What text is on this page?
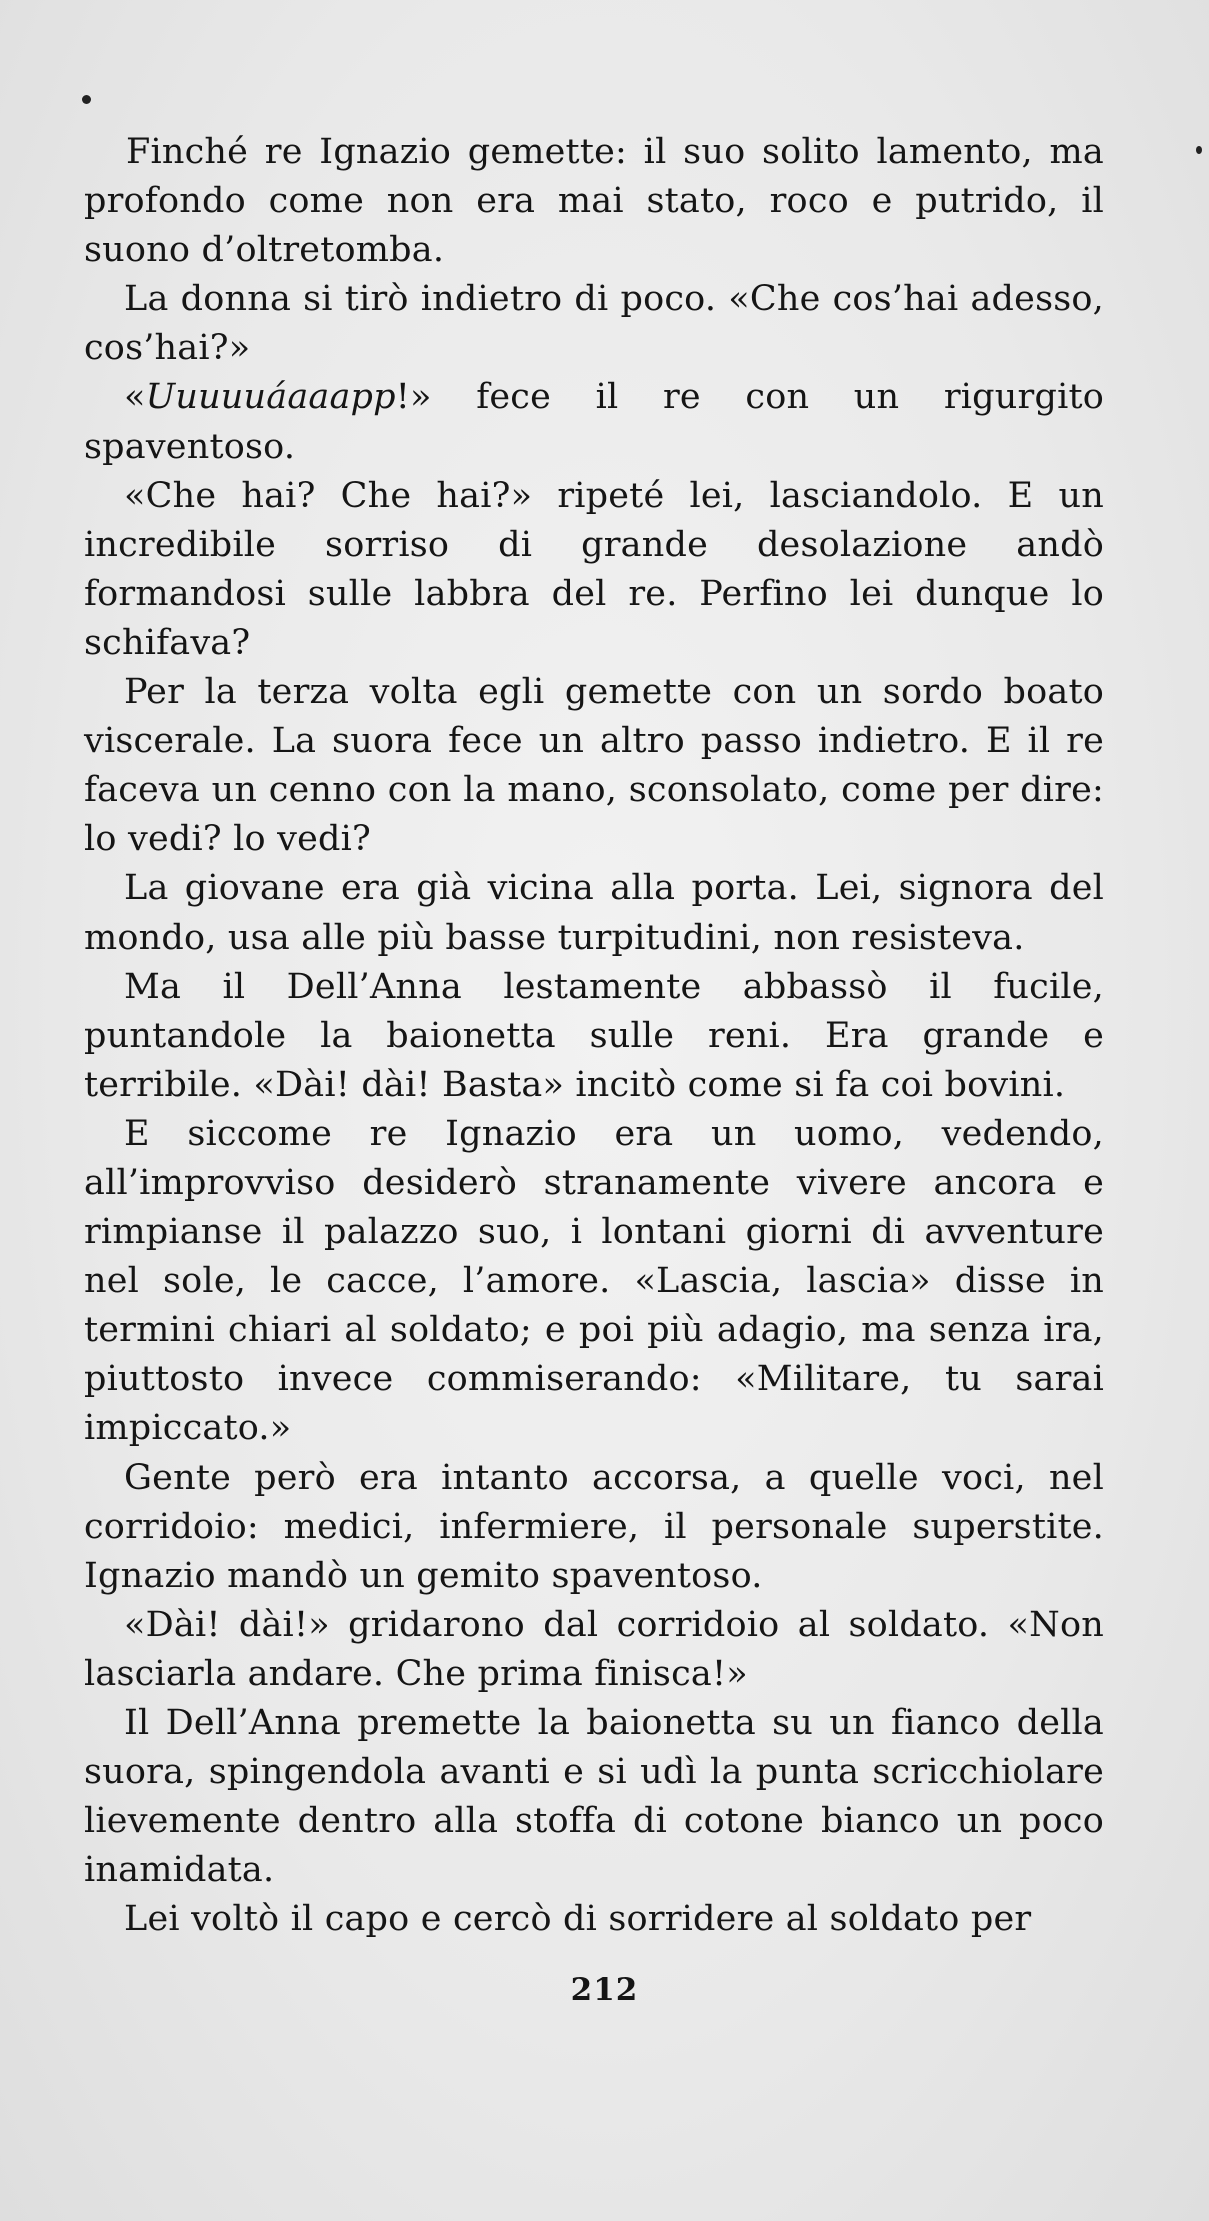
Finché re Ignazio gemette: il suo solito lamento, ma profondo come non era mai stato, roco e putrido, il suono d’oltretomba.

La donna si tirò indietro di poco. «Che cos’hai adesso, cos’hai?»

«Uuuuuáaaapp!» fece il re con un rigurgito spaventoso.

«Che hai? Che hai?» ripeté lei, lasciandolo. E un incredibile sorriso di grande desolazione andò formandosi sulle labbra del re. Perfino lei dunque lo schifava?

Per la terza volta egli gemette con un sordo boato viscerale. La suora fece un altro passo indietro. E il re faceva un cenno con la mano, sconsolato, come per dire: lo vedi? lo vedi?

La giovane era già vicina alla porta. Lei, signora del mondo, usa alle più basse turpitudini, non resisteva.

Ma il Dell’Anna lestamente abbassò il fucile, puntandole la baionetta sulle reni. Era grande e terribile. «Dài! dài! Basta» incitò come si fa coi bovini.

E siccome re Ignazio era un uomo, vedendo, all’improvviso desiderò stranamente vivere ancora e rimpianse il palazzo suo, i lontani giorni di avventure nel sole, le cacce, l’amore. «Lascia, lascia» disse in termini chiari al soldato; e poi più adagio, ma senza ira, piuttosto invece commiserando: «Militare, tu sarai impiccato.»

Gente però era intanto accorsa, a quelle voci, nel corridoio: medici, infermiere, il personale superstite. Ignazio mandò un gemito spaventoso.

«Dài! dài!» gridarono dal corridoio al soldato. «Non lasciarla andare. Che prima finisca!»

Il Dell’Anna premette la baionetta su un fianco della suora, spingendola avanti e si udì la punta scricchiolare lievemente dentro alla stoffa di cotone bianco un poco inamidata.

Lei voltò il capo e cercò di sorridere al soldato per

212
